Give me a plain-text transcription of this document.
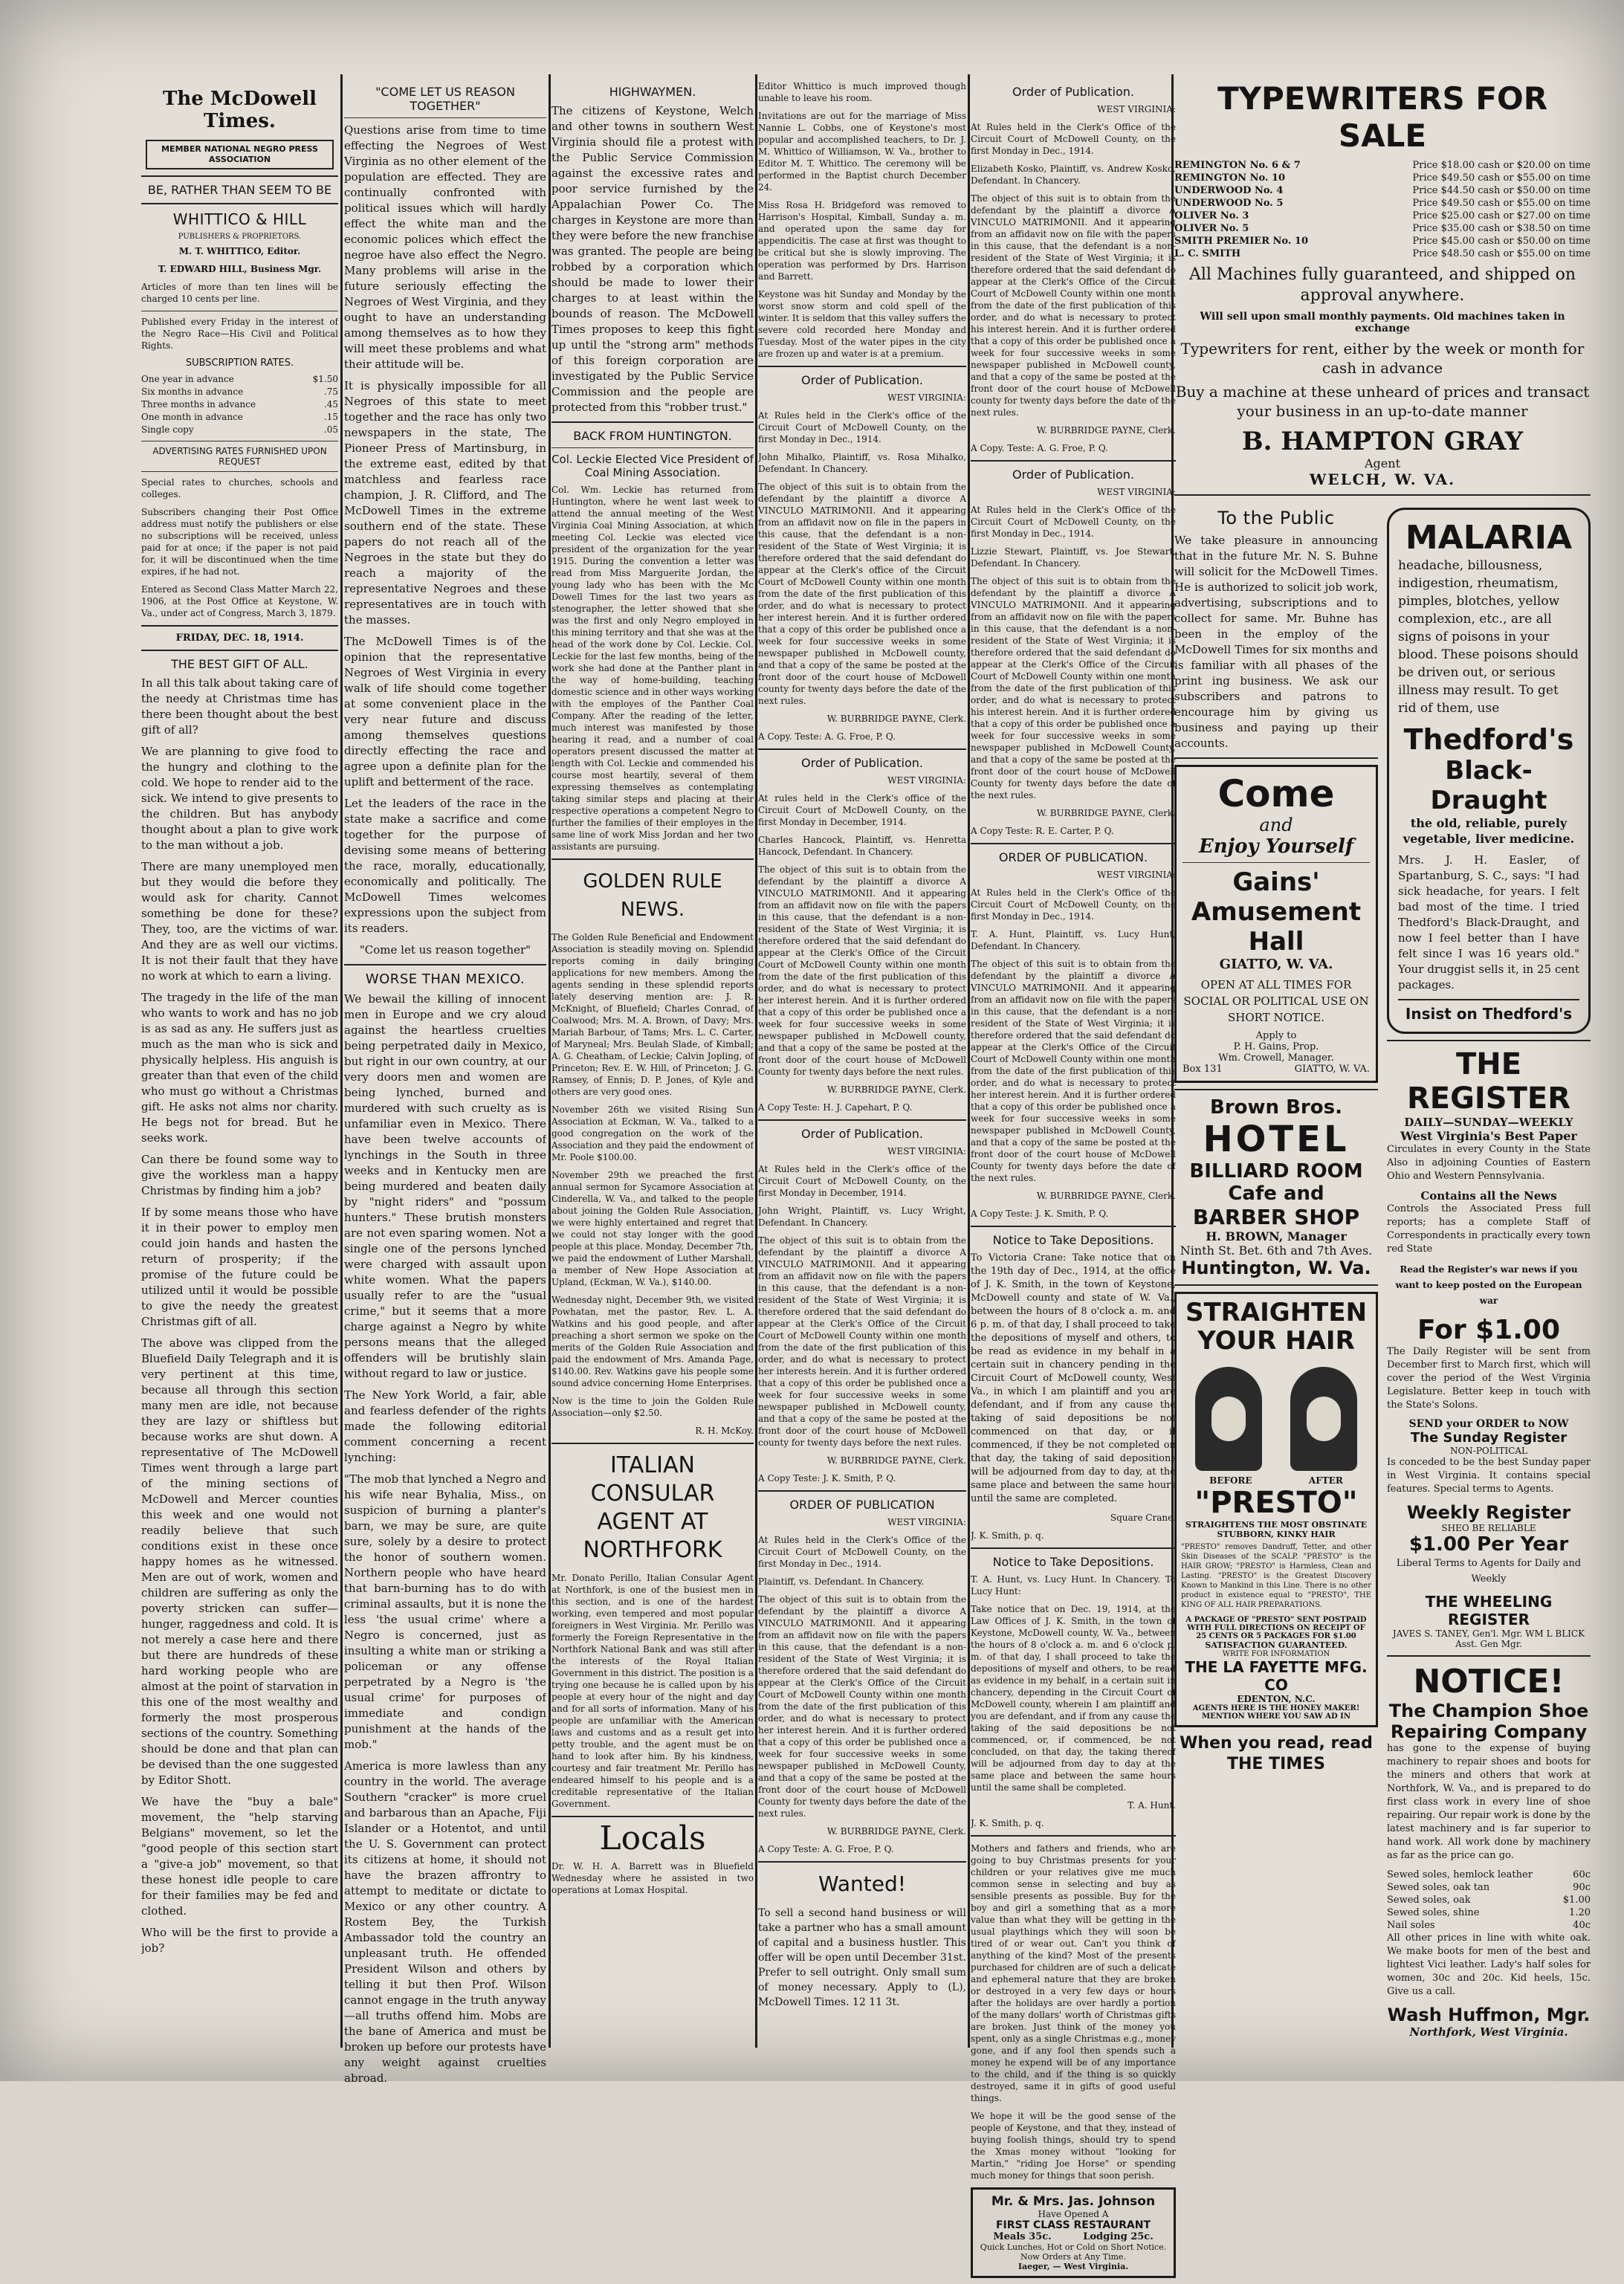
The McDowell Times.
MEMBER NATIONAL NEGRO PRESS ASSOCIATION
BE, RATHER THAN SEEM TO BE
WHITTICO & HILL
PUBLISHERS & PROPRIETORS.

M. T. WHITTICO, Editor.

T. EDWARD HILL, Business Mgr.

Articles of more than ten lines will be charged 10 cents per line.

Published every Friday in the interest of the Negro Race—His Civil and Political Rights.

SUBSCRIPTION RATES.
One year in advance	$1.50
Six months in advance	.75
Three months in advance	.45
One month in advance	.15
Single copy	.05
ADVERTISING RATES FURNISHED UPON REQUEST

Special rates to churches, schools and colleges.

Subscribers changing their Post Office address must notify the publishers or else no subscriptions will be received, unless paid for at once; if the paper is not paid for, it will be discontinued when the time expires, if he had not.

Entered as Second Class Matter March 22, 1906, at the Post Office at Keystone, W. Va., under act of Congress, March 3, 1879.

FRIDAY, DEC. 18, 1914.
THE BEST GIFT OF ALL.

In all this talk about taking care of the needy at Christmas time has there been thought about the best gift of all?

We are planning to give food to the hungry and clothing to the cold. We hope to render aid to the sick. We intend to give presents to the children. But has anybody thought about a plan to give work to the man without a job.

There are many unemployed men but they would die before they would ask for charity. Cannot something be done for these? They, too, are the victims of war. And they are as well our victims. It is not their fault that they have no work at which to earn a living.

The tragedy in the life of the man who wants to work and has no job is as sad as any. He suffers just as much as the man who is sick and physically helpless. His anguish is greater than that even of the child who must go without a Christmas gift. He asks not alms nor charity. He begs not for bread. But he seeks work.

Can there be found some way to give the workless man a happy Christmas by finding him a job?

If by some means those who have it in their power to employ men could join hands and hasten the return of prosperity; if the promise of the future could be utilized until it would be possible to give the needy the greatest Christmas gift of all.

The above was clipped from the Bluefield Daily Telegraph and it is very pertinent at this time, because all through this section many men are idle, not because they are lazy or shiftless but because works are shut down. A representative of The McDowell Times went through a large part of the mining sections of McDowell and Mercer counties this week and one would not readily believe that such conditions exist in these once happy homes as he witnessed. Men are out of work, women and children are suffering as only the poverty stricken can suffer—hunger, raggedness and cold. It is not merely a case here and there but there are hundreds of these hard working people who are almost at the point of starvation in this one of the most wealthy and formerly the most prosperous sections of the country. Something should be done and that plan can be devised than the one suggested by Editor Shott.

We have the "buy a bale" movement, the "help starving Belgians" movement, so let the "good people of this section start a "give-a job" movement, so that these honest idle people to care for their families may be fed and clothed.

Who will be the first to provide a job?

"COME LET US REASON TOGETHER"

Questions arise from time to time effecting the Negroes of West Virginia as no other element of the population are effected. They are continually confronted with political issues which will hardly effect the white man and the economic polices which effect the negroe have also effect the Negro. Many problems will arise in the future seriously effecting the Negroes of West Virginia, and they ought to have an understanding among themselves as to how they will meet these problems and what their attitude will be.

It is physically impossible for all Negroes of this state to meet together and the race has only two newspapers in the state, The Pioneer Press of Martinsburg, in the extreme east, edited by that matchless and fearless race champion, J. R. Clifford, and The McDowell Times in the extreme southern end of the state. These papers do not reach all of the Negroes in the state but they do reach a majority of the representative Negroes and these representatives are in touch with the masses.

The McDowell Times is of the opinion that the representative Negroes of West Virginia in every walk of life should come together at some convenient place in the very near future and discuss among themselves questions directly effecting the race and agree upon a definite plan for the uplift and betterment of the race.

Let the leaders of the race in the state make a sacrifice and come together for the purpose of devising some means of bettering the race, morally, educationally, economically and politically. The McDowell Times welcomes expressions upon the subject from its readers.

"Come let us reason together"

WORSE THAN MEXICO.

We bewail the killing of innocent men in Europe and we cry aloud against the heartless cruelties being perpetrated daily in Mexico, but right in our own country, at our very doors men and women are being lynched, burned and murdered with such cruelty as is unfamiliar even in Mexico. There have been twelve accounts of lynchings in the South in three weeks and in Kentucky men are being murdered and beaten daily by "night riders" and "possum hunters." These brutish monsters are not even sparing women. Not a single one of the persons lynched were charged with assault upon white women. What the papers usually refer to are the "usual crime," but it seems that a more charge against a Negro by white persons means that the alleged offenders will be brutishly slain without regard to law or justice.

The New York World, a fair, able and fearless defender of the rights made the following editorial comment concerning a recent lynching:

"The mob that lynched a Negro and his wife near Byhalia, Miss., on suspicion of burning a planter's barn, we may be sure, are quite sure, solely by a desire to protect the honor of southern women. Northern people who have heard that barn-burning has to do with criminal assaults, but it is none the less 'the usual crime' where a Negro is concerned, just as insulting a white man or striking a policeman or any offense perpetrated by a Negro is 'the usual crime' for purposes of immediate and condign punishment at the hands of the mob."

America is more lawless than any country in the world. The average Southern "cracker" is more cruel and barbarous than an Apache, Fiji Islander or a Hotentot, and until the U. S. Government can protect its citizens at home, it should not have the brazen affrontry to attempt to meditate or dictate to Mexico or any other country. A Rostem Bey, the Turkish Ambassador told the country an unpleasant truth. He offended President Wilson and others by telling it but then Prof. Wilson cannot engage in the truth anyway—all truths offend him. Mobs are the bane of America and must be broken up before our protests have any weight against cruelties abroad.

HIGHWAYMEN.

The citizens of Keystone, Welch and other towns in southern West Virginia should file a protest with the Public Service Commission against the excessive rates and poor service furnished by the Appalachian Power Co. The charges in Keystone are more than they were before the new franchise was granted. The people are being robbed by a corporation which should be made to lower their charges to at least within the bounds of reason. The McDowell Times proposes to keep this fight up until the "strong arm" methods of this foreign corporation are investigated by the Public Service Commission and the people are protected from this "robber trust."

BACK FROM HUNTINGTON.
Col. Leckie Elected Vice President of Coal Mining Association.

Col. Wm. Leckie has returned from Huntington, where he went last week to attend the annual meeting of the West Virginia Coal Mining Association, at which meeting Col. Leckie was elected vice president of the organization for the year 1915. During the convention a letter was read from Miss Marguerite Jordan, the young lady who has been with the Mc Dowell Times for the last two years as stenographer, the letter showed that she was the first and only Negro employed in this mining territory and that she was at the head of the work done by Col. Leckie. Col. Leckie for the last few months, being of the work she had done at the Panther plant in the way of home-building, teaching domestic science and in other ways working with the employes of the Panther Coal Company. After the reading of the letter, much interest was manifested by those hearing it read, and a number of coal operators present discussed the matter at length with Col. Leckie and commended his course most heartily, several of them expressing themselves as contemplating taking similar steps and placing at their respective operations a competent Negro to further the families of their employes in the same line of work Miss Jordan and her two assistants are pursuing.

GOLDEN RULE NEWS.

The Golden Rule Beneficial and Endowment Association is steadily moving on. Splendid reports coming in daily bringing applications for new members. Among the agents sending in these splendid reports lately deserving mention are: J. R. McKnight, of Bluefield; Charles Conrad, of Coalwood; Mrs. M. A. Brown, of Davy; Mrs. Mariah Barbour, of Tams; Mrs. L. C. Carter, of Maryneal; Mrs. Beulah Slade, of Kimball; A. G. Cheatham, of Leckie; Calvin Jopling, of Princeton; Rev. E. W. Hill, of Princeton; J. G. Ramsey, of Ennis; D. P. Jones, of Kyle and others are very good ones.

November 26th we visited Rising Sun Association at Eckman, W. Va., talked to a good congregation on the work of the Association and they paid the endowment of Mr. Poole $100.00.

November 29th we preached the first annual sermon for Sycamore Association at Cinderella, W. Va., and talked to the people about joining the Golden Rule Association, we were highly entertained and regret that we could not stay longer with the good people at this place. Monday, December 7th, we paid the endowment of Luther Marshall, a member of New Hope Association at Upland, (Eckman, W. Va.), $140.00.

Wednesday night, December 9th, we visited Powhatan, met the pastor, Rev. L. A. Watkins and his good people, and after preaching a short sermon we spoke on the merits of the Golden Rule Association and paid the endowment of Mrs. Amanda Page, $140.00. Rev. Watkins gave his people some sound advice concerning Home Enterprises.

Now is the time to join the Golden Rule Association—only $2.50.

R. H. McKoy.

ITALIAN CONSULAR AGENT AT NORTHFORK

Mr. Donato Perillo, Italian Consular Agent at Northfork, is one of the busiest men in this section, and is one of the hardest working, even tempered and most popular foreigners in West Virginia. Mr. Perillo was formerly the Foreign Representative in the Northfork National Bank and was still after the interests of the Royal Italian Government in this district. The position is a trying one because he is called upon by his people at every hour of the night and day and for all sorts of information. Many of his people are unfamiliar with the American laws and customs and as a result get into petty trouble, and the agent must be on hand to look after him. By his kindness, courtesy and fair treatment Mr. Perillo has endeared himself to his people and is a creditable representative of the Italian Government.

Locals

Dr. W. H. A. Barrett was in Bluefield Wednesday where he assisted in two operations at Lomax Hospital.

Editor Whittico is much improved though unable to leave his room.

Invitations are out for the marriage of Miss Nannie L. Cobbs, one of Keystone's most popular and accomplished teachers, to Dr. J. M. Whittico of Williamson, W. Va., brother to Editor M. T. Whittico. The ceremony will be performed in the Baptist church December 24.

Miss Rosa H. Bridgeford was removed to Harrison's Hospital, Kimball, Sunday a. m. and operated upon the same day for appendicitis. The case at first was thought to be critical but she is slowly improving. The operation was performed by Drs. Harrison and Barrett.

Keystone was hit Sunday and Monday by the worst snow storm and cold spell of the winter. It is seldom that this valley suffers the severe cold recorded here Monday and Tuesday. Most of the water pipes in the city are frozen up and water is at a premium.

Order of Publication.

WEST VIRGINIA:

At Rules held in the Clerk's office of the Circuit Court of McDowell County, on the first Monday in Dec., 1914.

John Mihalko, Plaintiff, vs. Rosa Mihalko, Defendant. In Chancery.

The object of this suit is to obtain from the defendant by the plaintiff a divorce A VINCULO MATRIMONII. And it appearing from an affidavit now on file in the papers in this cause, that the defendant is a non-resident of the State of West Virginia; it is therefore ordered that the said defendant do appear at the Clerk's office of the Circuit Court of McDowell County within one month from the date of the first publication of this order, and do what is necessary to protect her interest herein. And it is further ordered that a copy of this order be published once a week for four successive weeks in some newspaper published in McDowell county, and that a copy of the same be posted at the front door of the court house of McDowell county for twenty days before the date of the next rules.

W. BURBRIDGE PAYNE, Clerk.

A Copy. Teste: A. G. Froe, P. Q.

Order of Publication.

WEST VIRGINIA:

At rules held in the Clerk's office of the Circuit Court of McDowell County, on the first Monday in December, 1914.

Charles Hancock, Plaintiff, vs. Henretta Hancock, Defendant. In Chancery.

The object of this suit is to obtain from the defendant by the plaintiff a divorce A VINCULO MATRIMONII. And it appearing from an affidavit now on file with the papers in this cause, that the defendant is a non-resident of the State of West Virginia; it is therefore ordered that the said defendant do appear at the Clerk's Office of the Circuit Court of McDowell County within one month from the date of the first publication of this order, and do what is necessary to protect her interest herein. And it is further ordered that a copy of this order be published once a week for four successive weeks in some newspaper published in McDowell county, and that a copy of the same be posted at the front door of the court house of McDowell County for twenty days before the next rules.

W. BURBRIDGE PAYNE, Clerk.

A Copy Teste: H. J. Capehart, P. Q.

Order of Publication.

WEST VIRGINIA:

At Rules held in the Clerk's office of the Circuit Court of McDowell County, on the first Monday in December, 1914.

John Wright, Plaintiff, vs. Lucy Wright, Defendant. In Chancery.

The object of this suit is to obtain from the defendant by the plaintiff a divorce A VINCULO MATRIMONII. And it appearing from an affidavit now on file with the papers in this cause, that the defendant is a non-resident of the State of West Virginia; it is therefore ordered that the said defendant do appear at the Clerk's Office of the Circuit Court of McDowell County within one month from the date of the first publication of this order, and do what is necessary to protect her interests herein. And it is further ordered that a copy of this order be published once a week for four successive weeks in some newspaper published in McDowell county, and that a copy of the same be posted at the front door of the court house of McDowell county for twenty days before the next rules.

W. BURBRIDGE PAYNE, Clerk.

A Copy Teste: J. K. Smith, P. Q.

ORDER OF PUBLICATION

WEST VIRGINIA:

At Rules held in the Clerk's Office of the Circuit Court of McDowell County, on the first Monday in Dec., 1914.

Plaintiff, vs. Defendant. In Chancery.

The object of this suit is to obtain from the defendant by the plaintiff a divorce A VINCULO MATRIMONII. And it appearing from an affidavit now on file with the papers in this cause, that the defendant is a non-resident of the State of West Virginia; it is therefore ordered that the said defendant do appear at the Clerk's Office of the Circuit Court of McDowell County within one month from the date of the first publication of this order, and do what is necessary to protect her interest herein. And it is further ordered that a copy of this order be published once a week for four successive weeks in some newspaper published in McDowell County, and that a copy of the same be posted at the front door of the court house of McDowell County for twenty days before the date of the next rules.

W. BURBRIDGE PAYNE, Clerk.

A Copy Teste: A. G. Froe, P. Q.

Wanted!

To sell a second hand business or will take a partner who has a small amount of capital and a business hustler. This offer will be open until December 31st. Prefer to sell outright. Only small sum of money necessary. Apply to (L), McDowell Times. 12 11 3t.

Order of Publication.

WEST VIRGINIA:

At Rules held in the Clerk's Office of the Circuit Court of McDowell County, on the first Monday in Dec., 1914.

Elizabeth Kosko, Plaintiff, vs. Andrew Kosko, Defendant. In Chancery.

The object of this suit is to obtain from the defendant by the plaintiff a divorce A VINCULO MATRIMONII. And it appearing from an affidavit now on file with the papers in this cause, that the defendant is a non-resident of the State of West Virginia; it is therefore ordered that the said defendant do appear at the Clerk's Office of the Circuit Court of McDowell County within one month from the date of the first publication of this order, and do what is necessary to protect his interest herein. And it is further ordered that a copy of this order be published once a week for four successive weeks in some newspaper published in McDowell county, and that a copy of the same be posted at the front door of the court house of McDowell county for twenty days before the date of the next rules.

W. BURBRIDGE PAYNE, Clerk.

A Copy. Teste: A. G. Froe, P. Q.

Order of Publication.

WEST VIRGINIA:

At Rules held in the Clerk's Office of the Circuit Court of McDowell County, on the first Monday in Dec., 1914.

Lizzie Stewart, Plaintiff, vs. Joe Stewart, Defendant. In Chancery.

The object of this suit is to obtain from the defendant by the plaintiff a divorce A VINCULO MATRIMONII. And it appearing from an affidavit now on file with the papers in this cause, that the defendant is a non-resident of the State of West Virginia; it is therefore ordered that the said defendant do appear at the Clerk's Office of the Circuit Court of McDowell County within one month from the date of the first publication of this order, and do what is necessary to protect his interest herein. And it is further ordered that a copy of this order be published once a week for four successive weeks in some newspaper published in McDowell County, and that a copy of the same be posted at the front door of the court house of McDowell County for twenty days before the date of the next rules.

W. BURBRIDGE PAYNE, Clerk.

A Copy Teste: R. E. Carter, P. Q.

ORDER OF PUBLICATION.

WEST VIRGINIA:

At Rules held in the Clerk's Office of the Circuit Court of McDowell County, on the first Monday in Dec., 1914.

T. A. Hunt, Plaintiff, vs. Lucy Hunt, Defendant. In Chancery.

The object of this suit is to obtain from the defendant by the plaintiff a divorce A VINCULO MATRIMONII. And it appearing from an affidavit now on file with the papers in this cause, that the defendant is a non-resident of the State of West Virginia; it is therefore ordered that the said defendant do appear at the Clerk's Office of the Circuit Court of McDowell County within one month from the date of the first publication of this order, and do what is necessary to protect her interest herein. And it is further ordered that a copy of this order be published once a week for four successive weeks in some newspaper published in McDowell County, and that a copy of the same be posted at the front door of the court house of McDowell County for twenty days before the date of the next rules.

W. BURBRIDGE PAYNE, Clerk.

A Copy Teste: J. K. Smith, P. Q.

Notice to Take Depositions.

To Victoria Crane: Take notice that on the 19th day of Dec., 1914, at the office of J. K. Smith, in the town of Keystone, McDowell county and state of W. Va., between the hours of 8 o'clock a. m. and 6 p. m. of that day, I shall proceed to take the depositions of myself and others, to be read as evidence in my behalf in a certain suit in chancery pending in the Circuit Court of McDowell county, West Va., in which I am plaintiff and you are defendant, and if from any cause the taking of said depositions be not commenced on that day, or if commenced, if they be not completed on that day, the taking of said depositions will be adjourned from day to day, at the same place and between the same hours until the same are completed.

Square Crane.

J. K. Smith, p. q.

Notice to Take Depositions.

T. A. Hunt, vs. Lucy Hunt. In Chancery. To Lucy Hunt:

Take notice that on Dec. 19, 1914, at the Law Offices of J. K. Smith, in the town of Keystone, McDowell county, W. Va., between the hours of 8 o'clock a. m. and 6 o'clock p. m. of that day, I shall proceed to take the depositions of myself and others, to be read as evidence in my behalf, in a certain suit in chancery, depending in the Circuit Court of McDowell county, wherein I am plaintiff and you are defendant, and if from any cause the taking of the said depositions be not commenced, or, if commenced, be not concluded, on that day, the taking thereof will be adjourned from day to day at the same place and between the same hours until the same shall be completed.

T. A. Hunt.

J. K. Smith, p. q.

Mothers and fathers and friends, who are going to buy Christmas presents for your children or your relatives give me much common sense in selecting and buy as sensible presents as possible. Buy for the boy and girl a something that as a more value than what they will be getting in the usual playthings which they will soon be tired of or wear out. Can't you think of anything of the kind? Most of the presents purchased for children are of such a delicate and ephemeral nature that they are broken or destroyed in a very few days or hours after the holidays are over hardly a portion of the many dollars' worth of Christmas gifts are broken. Just think of the money you spent, only as a single Christmas e.g., money gone, and if any fool then spends such a money he expend will be of any importance to the child, and if the thing is so quickly destroyed, same it in gifts of good useful things.

We hope it will be the good sense of the people of Keystone, and that they, instead of buying foolish things, should try to spend the Xmas money without "looking for Martin," "riding Joe Horse" or spending much money for things that soon perish.

Mr. & Mrs. Jas. Johnson
Have Opened A
FIRST CLASS RESTAURANT
Meals 35c.	Lodging 25c.
Quick Lunches, Hot or Cold on Short Notice.
Now Orders at Any Time.
Iaeger, — West Virginia.
TYPEWRITERS FOR SALE
REMINGTON No. 6 & 7	Price $18.00 cash or $20.00 on time
REMINGTON No. 10	Price $49.50 cash or $55.00 on time
UNDERWOOD No. 4	Price $44.50 cash or $50.00 on time
UNDERWOOD No. 5	Price $49.50 cash or $55.00 on time
OLIVER No. 3	Price $25.00 cash or $27.00 on time
OLIVER No. 5	Price $35.00 cash or $38.50 on time
SMITH PREMIER No. 10	Price $45.00 cash or $50.00 on time
L. C. SMITH	Price $48.50 cash or $55.00 on time
All Machines fully guaranteed, and shipped on approval anywhere.
Will sell upon small monthly payments. Old machines taken in exchange
Typewriters for rent, either by the week or month for cash in advance
Buy a machine at these unheard of prices and transact your business in an up-to-date manner
B. HAMPTON GRAY
Agent
WELCH, W. VA.
To the Public

We take pleasure in announcing that in the future Mr. N. S. Buhne will solicit for the McDowell Times. He is authorized to solicit job work, advertising, subscriptions and to collect for same. Mr. Buhne has been in the employ of the McDowell Times for six months and is familiar with all phases of the print ing business. We ask our subscribers and patrons to encourage him by giving us business and paying up their accounts.

Come
and
Enjoy Yourself
Gains' Amusement Hall
GIATTO, W. VA.
OPEN AT ALL TIMES FOR SOCIAL OR POLITICAL USE ON SHORT NOTICE.
Apply to
P. H. Gains, Prop.
Wm. Crowell, Manager.
Box 131	GIATTO, W. VA.
Brown Bros.
HOTEL
BILLIARD ROOM
Cafe and
BARBER SHOP
H. BROWN, Manager
Ninth St. Bet. 6th and 7th Aves.
Huntington, W. Va.
STRAIGHTEN YOUR HAIR
BEFORE	AFTER
"PRESTO"
STRAIGHTENS THE MOST OBSTINATE STUBBORN, KINKY HAIR

"PRESTO" removes Dandruff, Tetter, and other Skin Diseases of the SCALP. "PRESTO" is the HAIR GROW; "PRESTO" is Harmless, Clean and Lasting. "PRESTO" is the Greatest Discovery Known to Mankind in this Line. There is no other product in existence equal to "PRESTO", THE KING OF ALL HAIR PREPARATIONS.

A PACKAGE OF "PRESTO" SENT POSTPAID WITH FULL DIRECTIONS ON RECEIPT OF 25 CENTS OR 5 PACKAGES FOR $1.00
SATISFACTION GUARANTEED.
WRITE FOR INFORMATION
THE LA FAYETTE MFG. CO
EDENTON, N.C.
AGENTS HERE IS THE HONEY MAKER! MENTION WHERE YOU SAW AD IN
When you read, read THE TIMES
MALARIA

headache, billousness, indigestion, rheumatism, pimples, blotches, yellow complexion, etc., are all signs of poisons in your blood. These poisons should be driven out, or serious illness may result. To get rid of them, use

Thedford's
Black-Draught

the old, reliable, purely vegetable, liver medicine.

Mrs. J. H. Easler, of Spartanburg, S. C., says: "I had sick headache, for years. I felt bad most of the time. I tried Thedford's Black-Draught, and now I feel better than I have felt since I was 16 years old." Your druggist sells it, in 25 cent packages.

Insist on Thedford's
THE REGISTER
DAILY—SUNDAY—WEEKLY
West Virginia's Best Paper

Circulates in every County in the State Also in adjoining Counties of Eastern Ohio and Western Pennsylvania.

Contains all the News

Controls the Associated Press full reports; has a complete Staff of Correspondents in practically every town red State

Read the Register's war news if you want to keep posted on the European war

For $1.00

The Daily Register will be sent from December first to March first, which will cover the period of the West Virginia Legislature. Better keep in touch with the State's Solons.

SEND your ORDER to NOW
The Sunday Register
NON-POLITICAL

Is conceded to be the best Sunday paper in West Virginia. It contains special features. Special terms to Agents.

Weekly Register
SHEO BE RELIABLE
$1.00 Per Year

Liberal Terms to Agents for Daily and Weekly

THE WHEELING REGISTER
JAVES S. TANEY, Gen'l. Mgr. WM L BLICK Asst. Gen Mgr.
NOTICE!
The Champion Shoe
Repairing Company

has gone to the expense of buying machinery to repair shoes and boots for the miners and others that work at Northfork, W. Va., and is prepared to do first class work in every line of shoe repairing. Our repair work is done by the latest machinery and is far superior to hand work. All work done by machinery as far as the price can go.

Sewed soles, hemlock leather	60c
Sewed soles, oak tan	90c
Sewed soles, oak	$1.00
Sewed soles, shine	1.20
Nail soles	40c

All other prices in line with white oak. We make boots for men of the best and lightest Vici leather. Lady's half soles for women, 30c and 20c. Kid heels, 15c. Give us a call.

Wash Huffmon, Mgr.
Northfork, West Virginia.
